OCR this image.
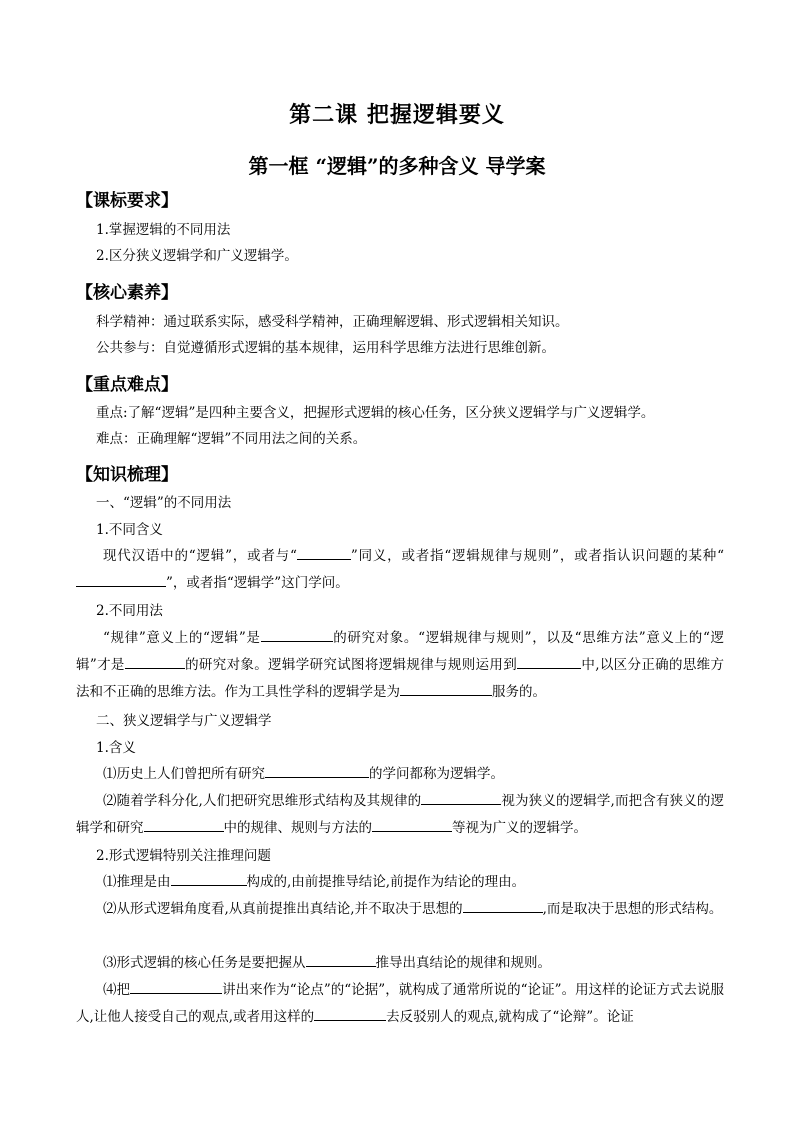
第二课 把握逻辑要义
第一框 “逻辑”的多种含义 导学案
【课标要求】
1.掌握逻辑的不同用法
2.区分狭义逻辑学和广义逻辑学。
【核心素养】
科学精神：通过联系实际，感受科学精神，正确理解逻辑、形式逻辑相关知识。
公共参与：自觉遵循形式逻辑的基本规律，运用科学思维方法进行思维创新。
【重点难点】
重点:了解“逻辑”是四种主要含义，把握形式逻辑的核心任务，区分狭义逻辑学与广义逻辑学。
难点：正确理解“逻辑”不同用法之间的关系。
【知识梳理】
一、“逻辑”的不同用法
1.不同含义
现代汉语中的“逻辑”，或者与“	”同义，或者指“逻辑规律与规则”，或者指认识问题的某种“”，或者指“逻辑学”这门学问。
2.不同用法
“规律”意义上的“逻辑”是	的研究对象。“逻辑规律与规则”，以及“思维方法”意义上的“逻辑”才是	的研究对象。逻辑学研究试图将逻辑规律与规则运用到	中,以区分正确的思维方法和不正确的思维方法。作为工具性学科的逻辑学是为	服务的。
二、狭义逻辑学与广义逻辑学
1.含义
⑴历史上人们曾把所有研究	的学问都称为逻辑学。
⑵随着学科分化,人们把研究思维形式结构及其规律的	视为狭义的逻辑学,而把含有狭义的逻辑学和研究	中的规律、规则与方法的	等视为广义的逻辑学。
2.形式逻辑特别关注推理问题
⑴推理是由	构成的,由前提推导结论,前提作为结论的理由。
⑵从形式逻辑角度看,从真前提推出真结论,并不取决于思想的	,而是取决于思想的形式结构。
⑶形式逻辑的核心任务是要把握从	推导出真结论的规律和规则。
⑷把	讲出来作为“论点”的“论据”，就构成了通常所说的“论证”。用这样的论证方式去说服人,让他人接受自己的观点,或者用这样的	去反驳别人的观点,就构成了“论辩”。论证
